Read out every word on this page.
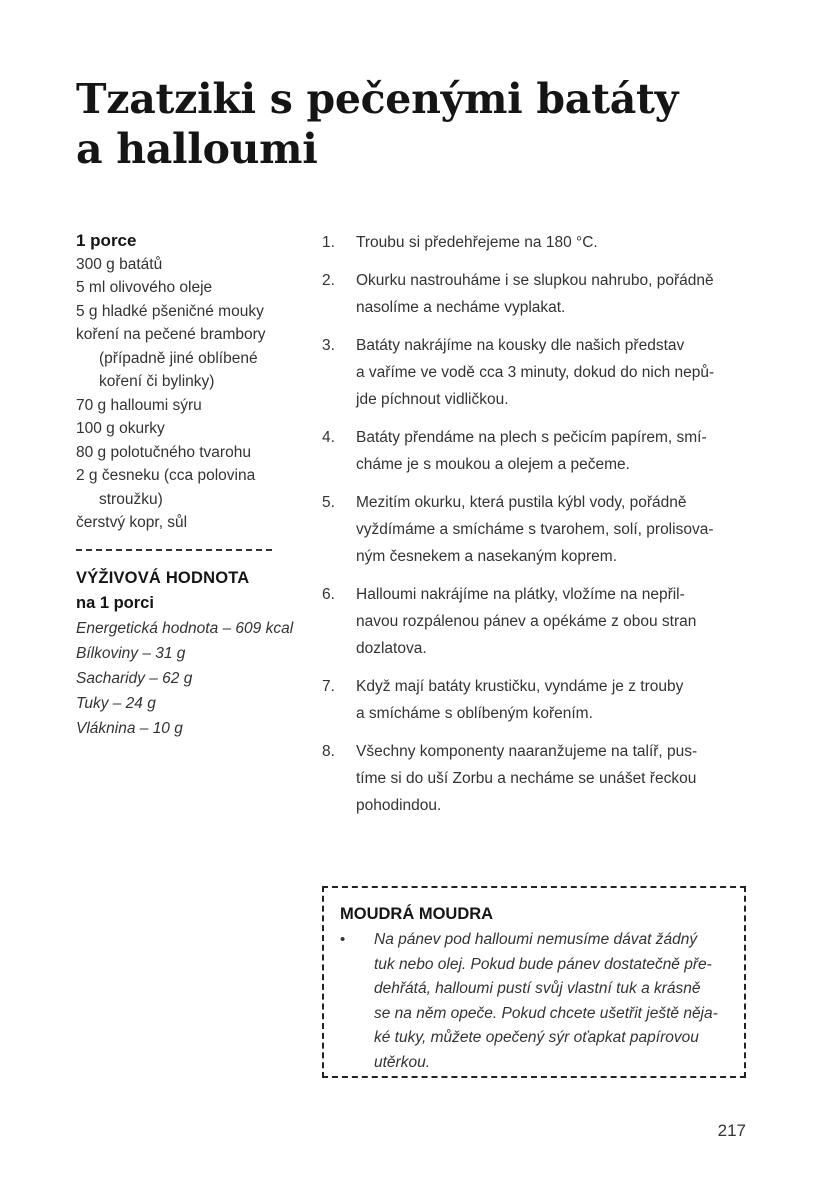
Tzatziki s pečenými batáty
a halloumi
1 porce
300 g batátů
5 ml olivového oleje
5 g hladké pšeničné mouky
koření na pečené brambory
(případně jiné oblíbené
koření či bylinky)
70 g halloumi sýru
100 g okurky
80 g polotučného tvarohu
2 g česneku (cca polovina
stroužku)
čerstvý kopr, sůl
VÝŽIVOVÁ HODNOTA
na 1 porci
Energetická hodnota – 609 kcal
Bílkoviny – 31 g
Sacharidy – 62 g
Tuky – 24 g
Vláknina – 10 g
1.	Troubu si předehřejeme na 180 °C.
2.	Okurku nastrouháme i se slupkou nahrubo, pořádně
nasolíme a necháme vyplakat.
3.	Batáty nakrájíme na kousky dle našich představ
a vaříme ve vodě cca 3 minuty, dokud do nich nepů-
jde píchnout vidličkou.
4.	Batáty přendáme na plech s pečicím papírem, smí-
cháme je s moukou a olejem a pečeme.
5.	Mezitím okurku, která pustila kýbl vody, pořádně
vyždímáme a smícháme s tvarohem, solí, prolisova-
ným česnekem a nasekaným koprem.
6.	Halloumi nakrájíme na plátky, vložíme na nepřil-
navou rozpálenou pánev a opékáme z obou stran
dozlatova.
7.	Když mají batáty krustičku, vyndáme je z trouby
a smícháme s oblíbeným kořením.
8.	Všechny komponenty naaranžujeme na talíř, pus-
tíme si do uší Zorbu a necháme se unášet řeckou
pohodindou.
MOUDRÁ MOUDRA
•	Na pánev pod halloumi nemusíme dávat žádný
tuk nebo olej. Pokud bude pánev dostatečně pře-
dehřátá, halloumi pustí svůj vlastní tuk a krásně
se na něm opeče. Pokud chcete ušetřit ještě něja-
ké tuky, můžete opečený sýr oťapkat papírovou
utěrkou.
217
